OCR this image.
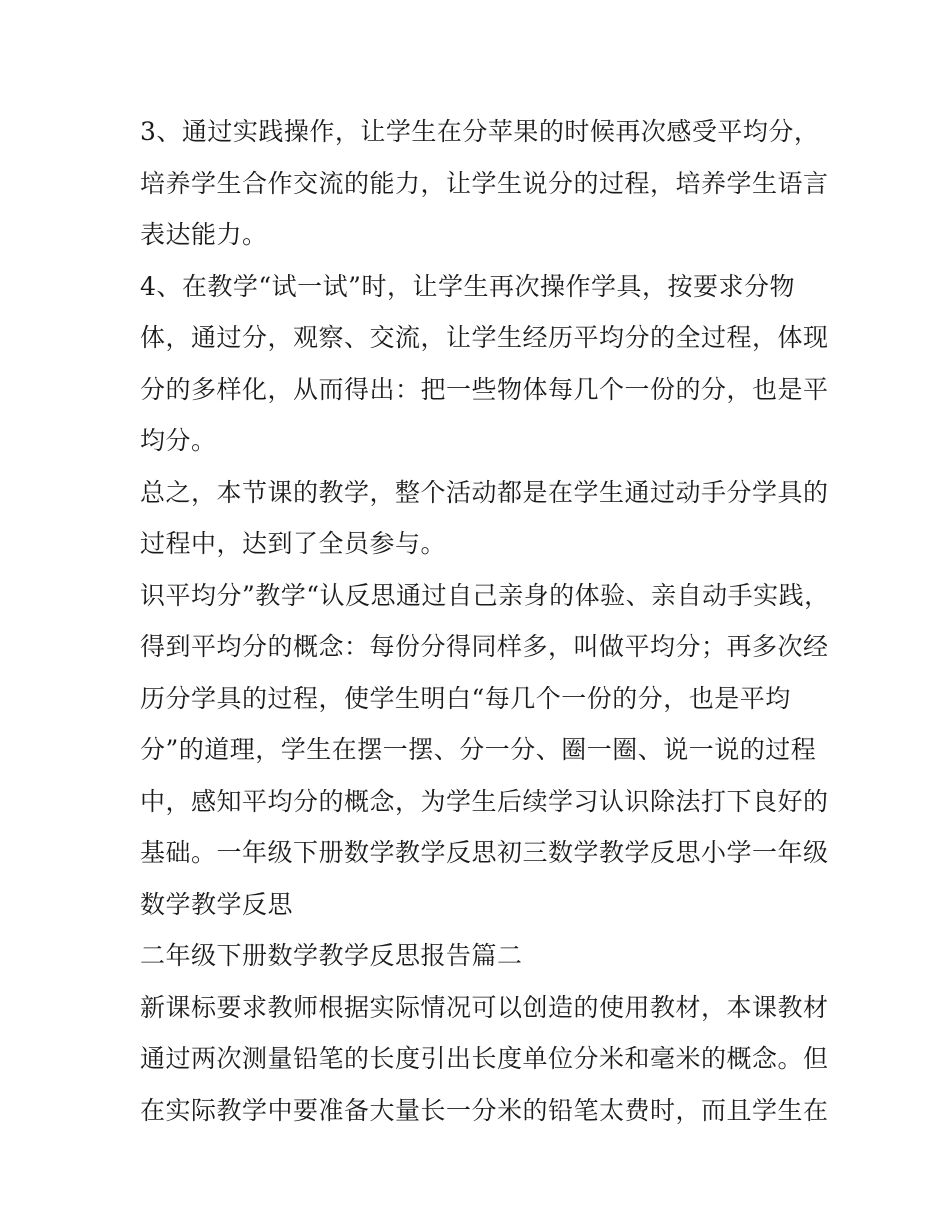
3、通过实践操作，让学生在分苹果的时候再次感受平均分，
培养学生合作交流的能力，让学生说分的过程，培养学生语言
表达能力。
4、在教学“试一试”时，让学生再次操作学具，按要求分物
体，通过分，观察、交流，让学生经历平均分的全过程，体现
分的多样化，从而得出：把一些物体每几个一份的分，也是平
均分。
总之，本节课的教学，整个活动都是在学生通过动手分学具的
过程中，达到了全员参与。
识平均分”教学“认反思通过自己亲身的体验、亲自动手实践，
得到平均分的概念：每份分得同样多，叫做平均分；再多次经
历分学具的过程，使学生明白“每几个一份的分，也是平均
分”的道理，学生在摆一摆、分一分、圈一圈、说一说的过程
中，感知平均分的概念，为学生后续学习认识除法打下良好的
基础。一年级下册数学教学反思初三数学教学反思小学一年级
数学教学反思
二年级下册数学教学反思报告篇二
新课标要求教师根据实际情况可以创造的使用教材，本课教材
通过两次测量铅笔的长度引出长度单位分米和毫米的概念。但
在实际教学中要准备大量长一分米的铅笔太费时，而且学生在
